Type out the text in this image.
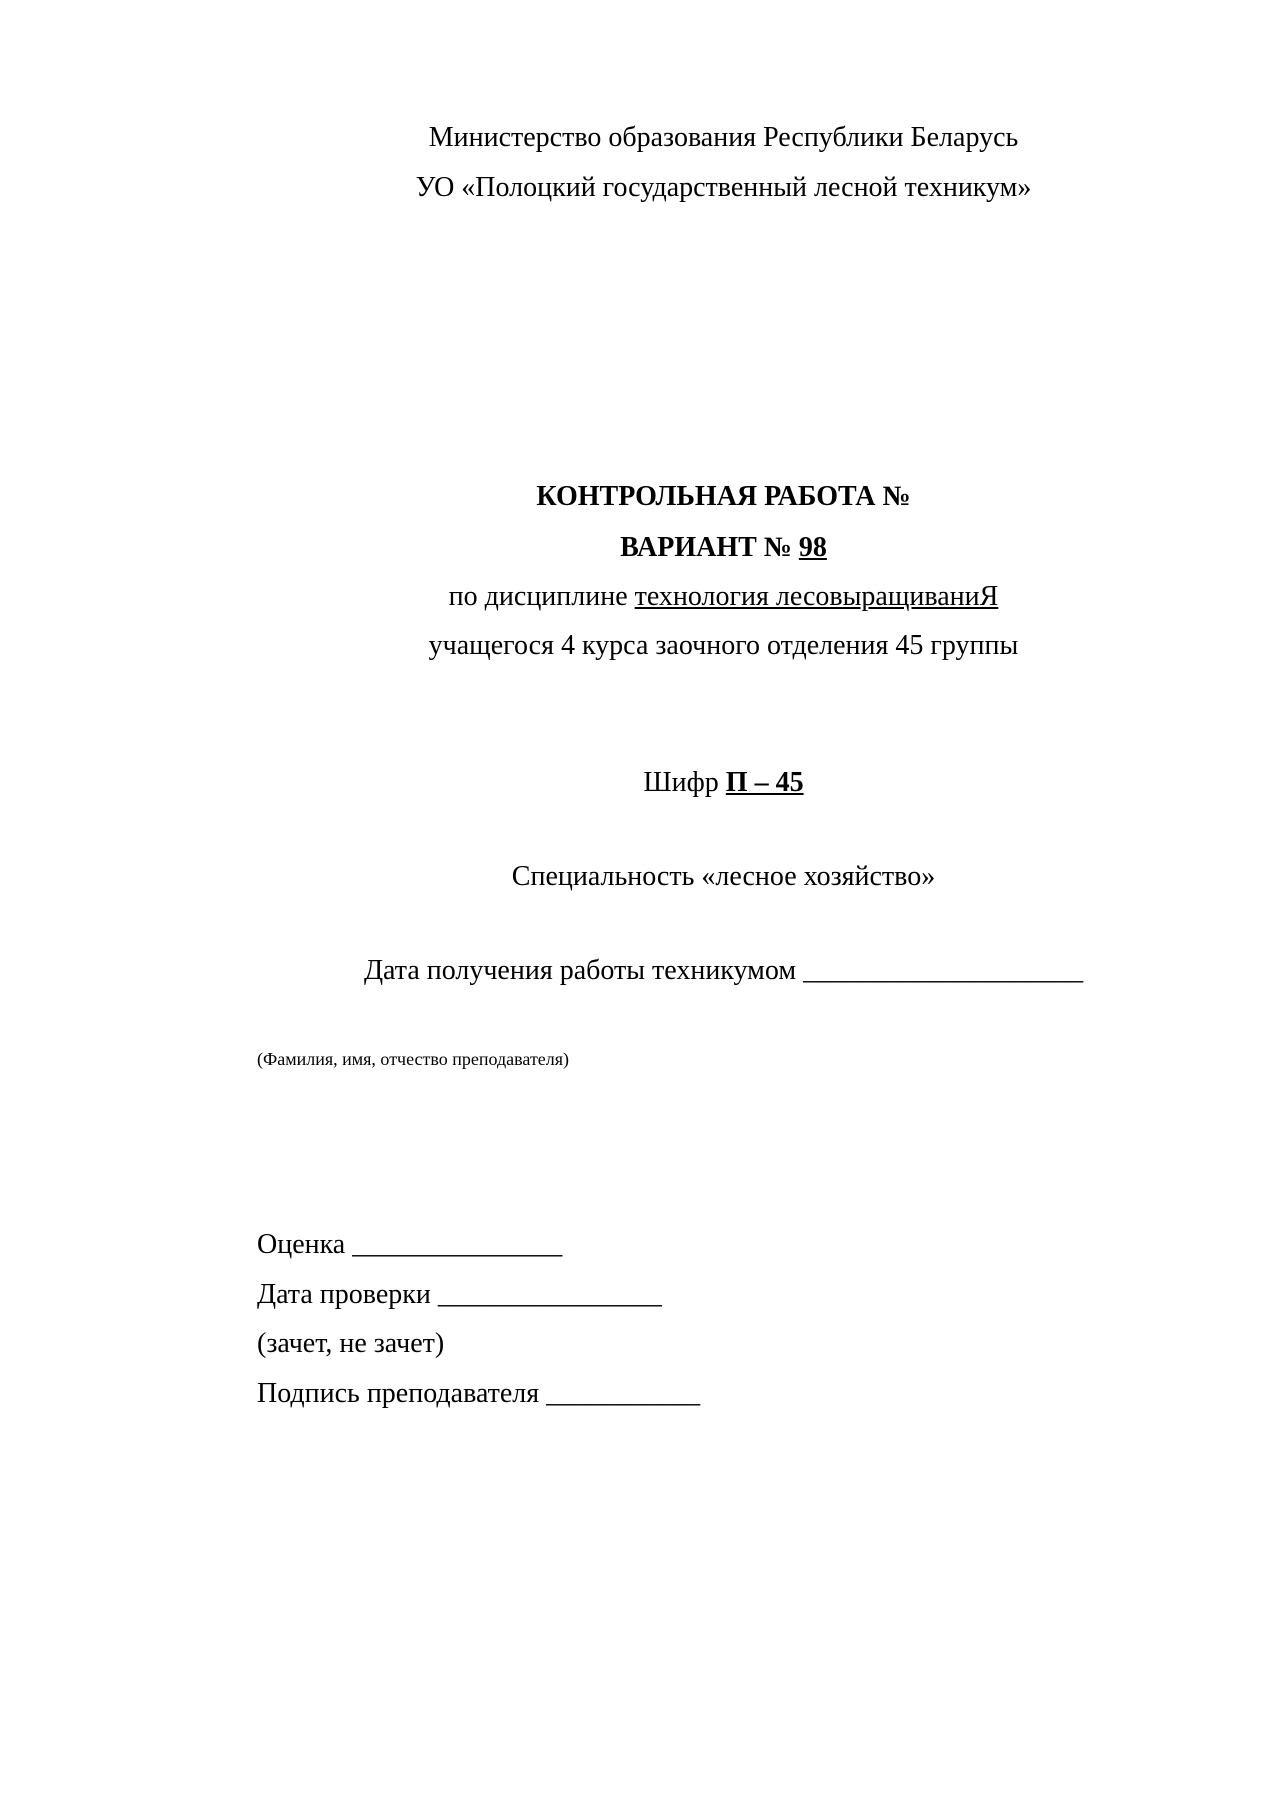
Министерство образования Республики Беларусь
УО «Полоцкий государственный лесной техникум»
КОНТРОЛЬНАЯ РАБОТА №
ВАРИАНТ № 98
по дисциплине технология лесовыращиваниЯ
учащегося 4 курса заочного отделения 45 группы
Шифр П – 45
Специальность «лесное хозяйство»
Дата получения работы техникумом ____________________
(Фамилия, имя, отчество преподавателя)
Оценка _______________
Дата проверки ________________
(зачет, не зачет)
Подпись преподавателя ___________
